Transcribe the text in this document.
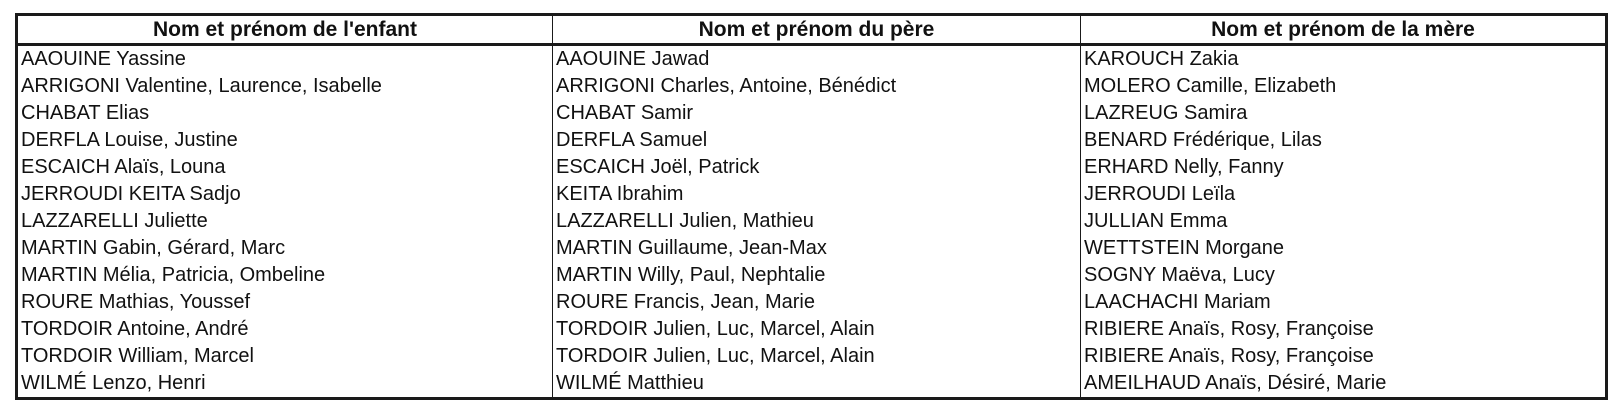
Nom et prénom de l'enfant	Nom et prénom du père	Nom et prénom de la mère
AAOUINE Yassine	AAOUINE Jawad	KAROUCH Zakia
ARRIGONI Valentine, Laurence, Isabelle	ARRIGONI Charles, Antoine, Bénédict	MOLERO Camille, Elizabeth
CHABAT Elias	CHABAT Samir	LAZREUG Samira
DERFLA Louise, Justine	DERFLA Samuel	BENARD Frédérique, Lilas
ESCAICH Alaïs, Louna	ESCAICH Joël, Patrick	ERHARD Nelly, Fanny
JERROUDI KEITA Sadjo	KEITA Ibrahim	JERROUDI Leïla
LAZZARELLI Juliette	LAZZARELLI Julien, Mathieu	JULLIAN Emma
MARTIN Gabin, Gérard, Marc	MARTIN Guillaume, Jean-Max	WETTSTEIN Morgane
MARTIN Mélia, Patricia, Ombeline	MARTIN Willy, Paul, Nephtalie	SOGNY Maëva, Lucy
ROURE Mathias, Youssef	ROURE Francis, Jean, Marie	LAACHACHI Mariam
TORDOIR Antoine, André	TORDOIR Julien, Luc, Marcel, Alain	RIBIERE Anaïs, Rosy, Françoise
TORDOIR William, Marcel	TORDOIR Julien, Luc, Marcel, Alain	RIBIERE Anaïs, Rosy, Françoise
WILMÉ Lenzo, Henri	WILMÉ Matthieu	AMEILHAUD Anaïs, Désiré, Marie
